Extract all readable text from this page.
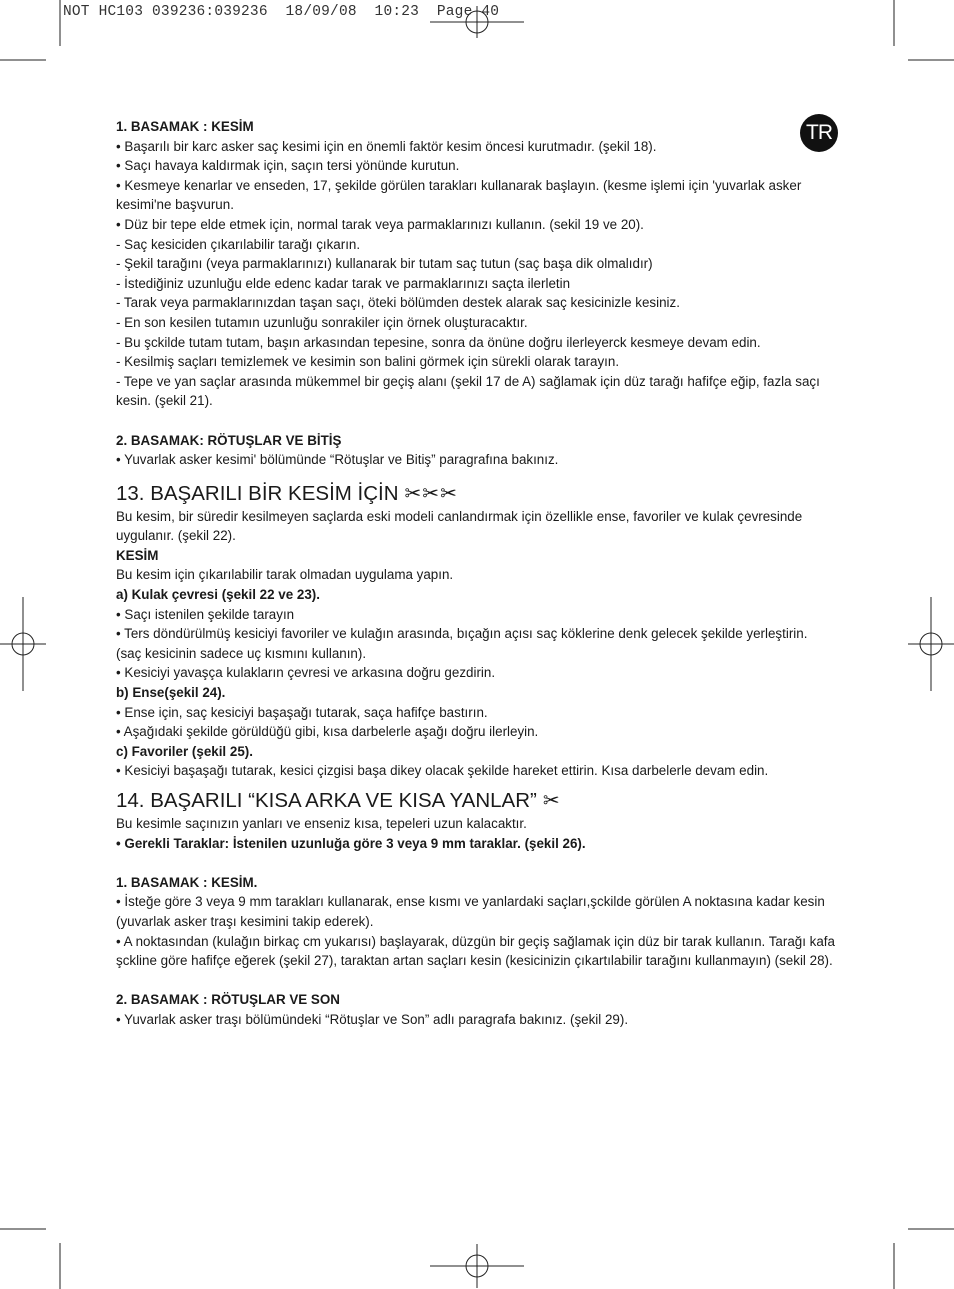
NOT HC103 039236:039236  18/09/08  10:23  Page 40
TR

1. BASAMAK : KESİM

• Başarılı bir karc asker saç kesimi için en önemli faktör kesim öncesi kurutmadır. (şekil 18).

• Saçı havaya kaldırmak için, saçın tersi yönünde kurutun.

• Kesmeye kenarlar ve enseden, 17, şekilde görülen tarakları kullanarak başlayın. (kesme işlemi için 'yuvarlak asker kesimi'ne başvurun.

• Düz bir tepe elde etmek için, normal tarak veya parmaklarınızı kullanın. (sekil 19 ve 20).

- Saç kesiciden çıkarılabilir tarağı çıkarın.

- Şekil tarağını (veya parmaklarınızı) kullanarak bir tutam saç tutun (saç başa dik olmalıdır)

- İstediğiniz uzunluğu elde edenc kadar tarak ve parmaklarınızı saçta ilerletin

- Tarak veya parmaklarınızdan taşan saçı, öteki bölümden destek alarak saç kesicinizle kesiniz.

- En son kesilen tutamın uzunluğu sonrakiler için örnek oluşturacaktır.

- Bu şckilde tutam tutam, başın arkasından tepesine, sonra da önüne doğru ilerleyerck kesmeye devam edin.

- Kesilmiş saçları temizlemek ve kesimin son balini görmek için sürekli olarak tarayın.

- Tepe ve yan saçlar arasında mükemmel bir geçiş alanı (şekil 17 de A) sağlamak için düz tarağı hafifçe eğip, fazla saçı kesin. (şekil 21).

2. BASAMAK: RÖTUŞLAR VE BİTİŞ

• Yuvarlak asker kesimi' bölümünde “Rötuşlar ve Bitiş” paragrafına bakınız.

13. BAŞARILI BİR KESİM İÇİN ✂✂✂

Bu kesim, bir süredir kesilmeyen saçlarda eski modeli canlandırmak için özellikle ense, favoriler ve kulak çevresinde uygulanır. (şekil 22).

KESİM

Bu kesim için çıkarılabilir tarak olmadan uygulama yapın.

a) Kulak çevresi (şekil 22 ve 23).

• Saçı istenilen şekilde tarayın

• Ters döndürülmüş kesiciyi favoriler ve kulağın arasında, bıçağın açısı saç köklerine denk gelecek şekilde yerleştirin. (saç kesicinin sadece uç kısmını kullanın).

• Kesiciyi yavaşça kulakların çevresi ve arkasına doğru gezdirin.

b) Ense(şekil 24).

• Ense için, saç kesiciyi başaşağı tutarak, saça hafifçe bastırın.

• Aşağıdaki şekilde görüldüğü gibi, kısa darbelerle aşağı doğru ilerleyin.

c) Favoriler (şekil 25).

• Kesiciyi başaşağı tutarak, kesici çizgisi başa dikey olacak şekilde hareket ettirin. Kısa darbelerle devam edin.

14. BAŞARILI “KISA ARKA VE KISA YANLAR” ✂

Bu kesimle saçınızın yanları ve enseniz kısa, tepeleri uzun kalacaktır.

• Gerekli Taraklar: İstenilen uzunluğa göre 3 veya 9 mm taraklar. (şekil 26).

1. BASAMAK : KESİM.

• İsteğe göre 3 veya 9 mm tarakları kullanarak, ense kısmı ve yanlardaki saçları,şckilde görülen A noktasına kadar kesin (yuvarlak asker traşı kesimini takip ederek).

• A noktasından (kulağın birkaç cm yukarısı) başlayarak, düzgün bir geçiş sağlamak için düz bir tarak kullanın. Tarağı kafa şckline göre hafifçe eğerek (şekil 27), taraktan artan saçları kesin (kesicinizin çıkartılabilir tarağını kullanmayın) (sekil 28).

2. BASAMAK : RÖTUŞLAR VE SON

• Yuvarlak asker traşı bölümündeki “Rötuşlar ve Son” adlı paragrafa bakınız. (şekil 29).
